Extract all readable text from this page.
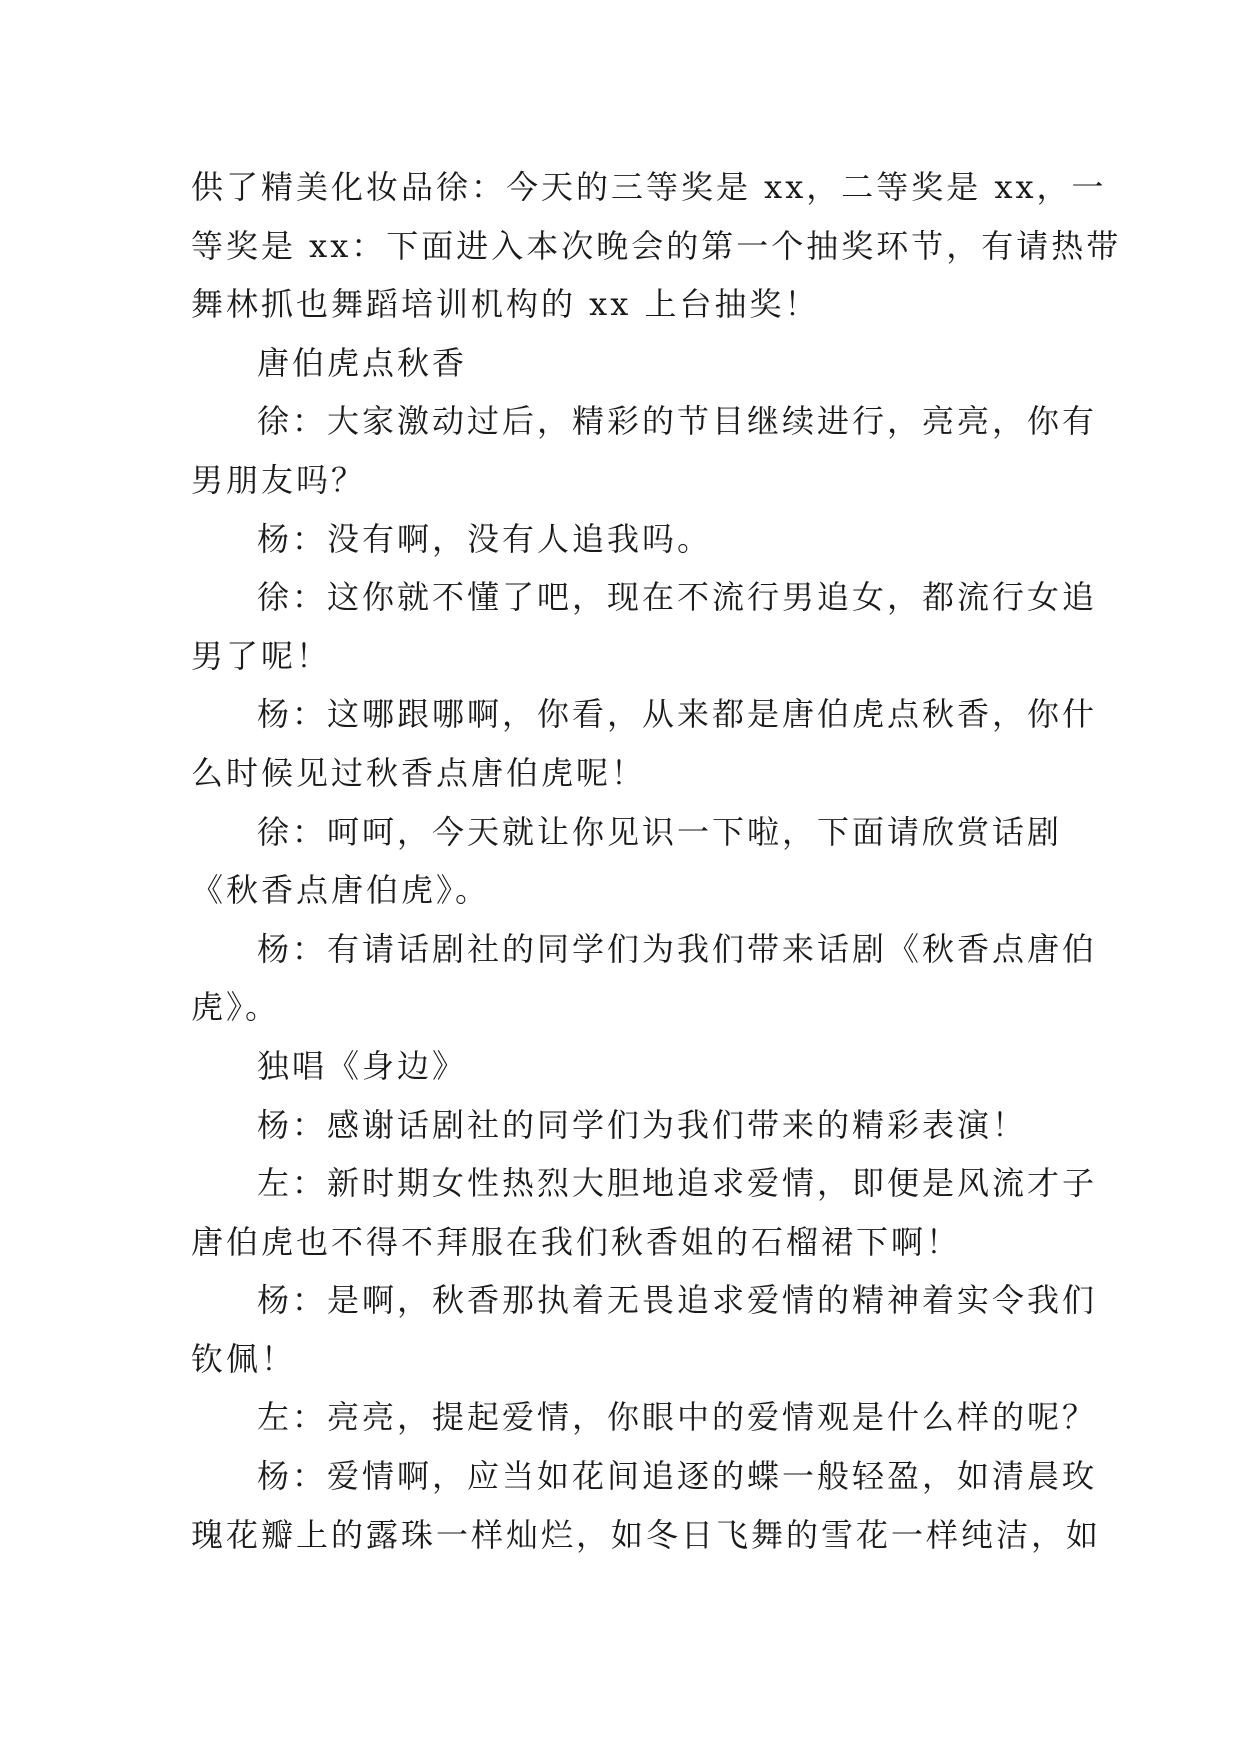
供了精美化妆品徐：今天的三等奖是 xx，二等奖是 xx，一
等奖是 xx：下面进入本次晚会的第一个抽奖环节，有请热带
舞林抓也舞蹈培训机构的 xx 上台抽奖！
唐伯虎点秋香
徐：大家激动过后，精彩的节目继续进行，亮亮，你有
男朋友吗？
杨：没有啊，没有人追我吗。
徐：这你就不懂了吧，现在不流行男追女，都流行女追
男了呢！
杨：这哪跟哪啊，你看，从来都是唐伯虎点秋香，你什
么时候见过秋香点唐伯虎呢！
徐：呵呵，今天就让你见识一下啦，下面请欣赏话剧
《秋香点唐伯虎》。
杨：有请话剧社的同学们为我们带来话剧《秋香点唐伯
虎》。
独唱《身边》
杨：感谢话剧社的同学们为我们带来的精彩表演！
左：新时期女性热烈大胆地追求爱情，即便是风流才子
唐伯虎也不得不拜服在我们秋香姐的石榴裙下啊！
杨：是啊，秋香那执着无畏追求爱情的精神着实令我们
钦佩！
左：亮亮，提起爱情，你眼中的爱情观是什么样的呢？
杨：爱情啊，应当如花间追逐的蝶一般轻盈，如清晨玫
瑰花瓣上的露珠一样灿烂，如冬日飞舞的雪花一样纯洁，如
